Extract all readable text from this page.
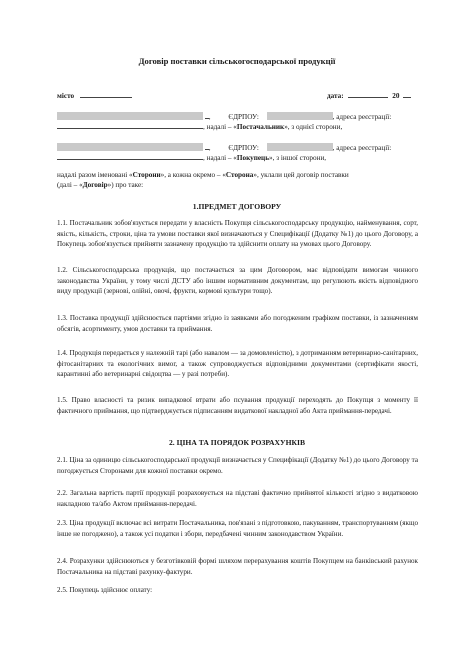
Договір поставки сільськогосподарської продукції
місто	дата:	20
, ЄДРПОУ:	, адреса реєстрації:
, надалі – «Постачальник», з однієї сторони,
, ЄДРПОУ:	, адреса реєстрації:
, надалі – «Покупець», з іншої сторони,
надалі разом іменовані «Сторони», а кожна окремо – «Сторона», уклали цей договір поставки
(далі – «Договір») про таке:
1.ПРЕДМЕТ ДОГОВОРУ

1.1. Постачальник зобов'язується передати у власність Покупця сільськогосподарську продукцію, найменування, сорт, якість, кількість, строки, ціна та умови поставки якої визначаються у Специфікації (Додатку №1) до цього Договору, а Покупець зобов'язується прийняти зазначену продукцію та здійснити оплату на умовах цього Договору.

1.2. Сільськогосподарська продукція, що постачається за цим Договором, має відповідати вимогам чинного законодавства України, у тому числі ДСТУ або іншим нормативним документам, що регулюють якість відповідного виду продукції (зернові, олійні, овочі, фрукти, кормові культури тощо).

1.3. Поставка продукції здійснюється партіями згідно із заявками або погодженим графіком поставки, із зазначенням обсягів, асортименту, умов доставки та приймання.

1.4. Продукція передається у належній тарі (або навалом — за домовленістю), з дотриманням ветеринарно-санітарних, фітосанітарних та екологічних вимог, а також супроводжується відповідними документами (сертифікати якості, карантинні або ветеринарні свідоцтва — у разі потреби).

1.5. Право власності та ризик випадкової втрати або псування продукції переходять до Покупця з моменту її фактичного приймання, що підтверджується підписанням видаткової накладної або Акта приймання-передачі.

2. ЦІНА ТА ПОРЯДОК РОЗРАХУНКІВ

2.1. Ціна за одиницю сільськогосподарської продукції визначається у Специфікації (Додатку №1) до цього Договору та погоджується Сторонами для кожної поставки окремо.

2.2. Загальна вартість партії продукції розраховується на підставі фактично прийнятої кількості згідно з видатковою накладною та/або Актом приймання-передачі.

2.3. Ціна продукції включає всі витрати Постачальника, пов'язані з підготовкою, пакуванням, транспортуванням (якщо інше не погоджено), а також усі податки і збори, передбачені чинним законодавством України.

2.4. Розрахунки здійснюються у безготівковій формі шляхом перерахування коштів Покупцем на банківський рахунок Постачальника на підставі рахунку-фактури.

2.5. Покупець здійснює оплату:
